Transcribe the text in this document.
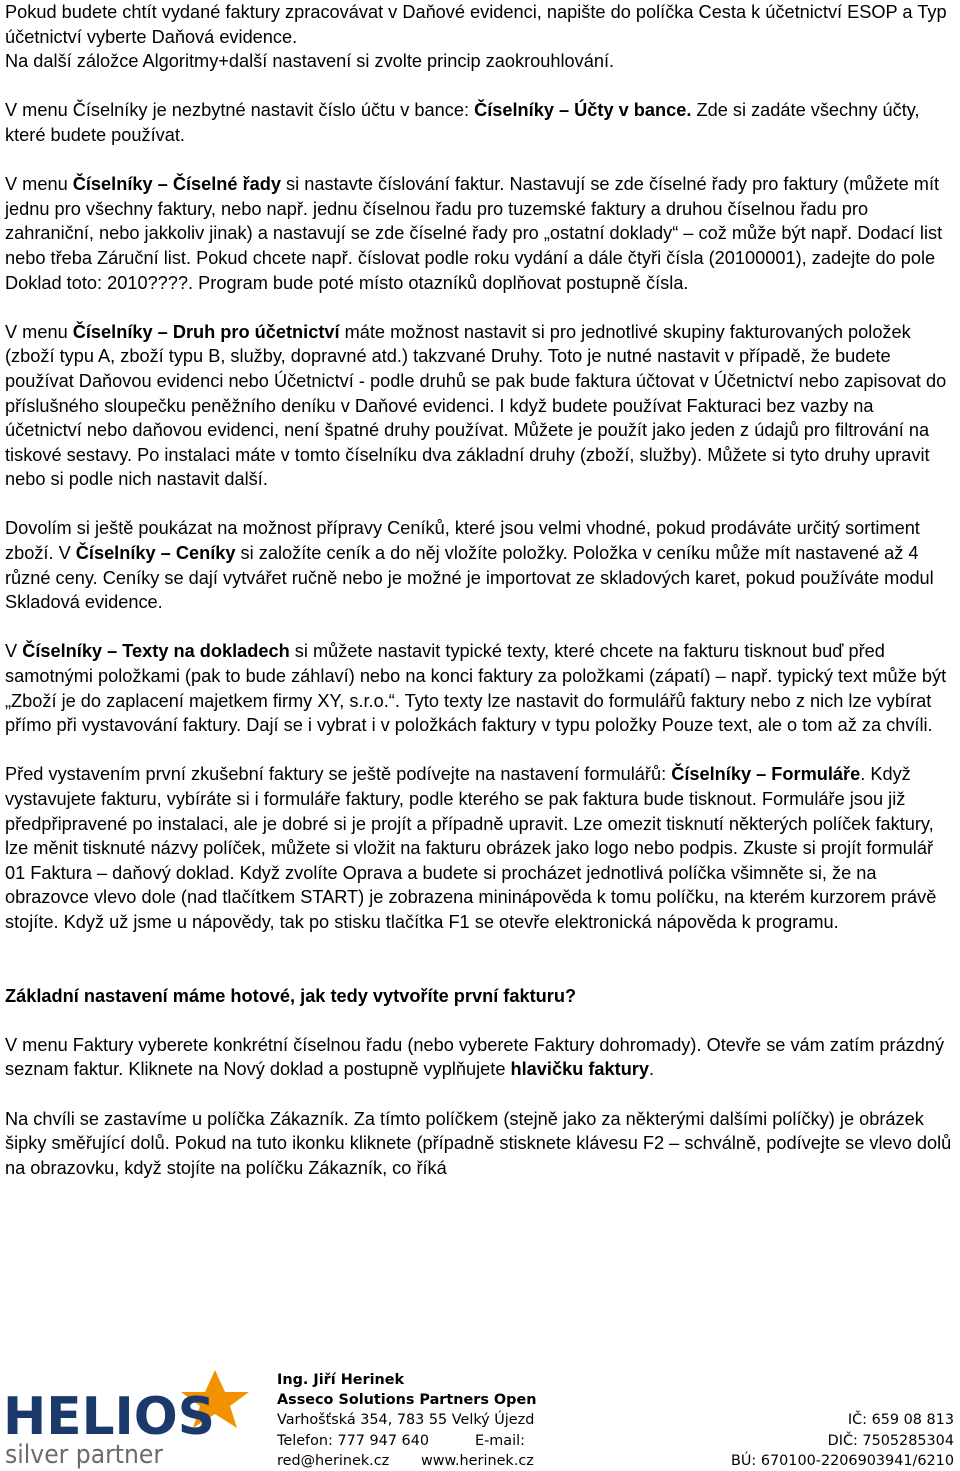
Pokud budete chtít vydané faktury zpracovávat v Daňové evidenci, napište do políčka Cesta k účetnictví ESOP a Typ účetnictví vyberte Daňová evidence.
Na další záložce Algoritmy+další nastavení si zvolte princip zaokrouhlování.

V menu Číselníky je nezbytné nastavit číslo účtu v bance: Číselníky – Účty v bance. Zde si zadáte všechny účty, které budete používat.

V menu Číselníky – Číselné řady si nastavte číslování faktur. Nastavují se zde číselné řady pro faktury (můžete mít jednu pro všechny faktury, nebo např. jednu číselnou řadu pro tuzemské faktury a druhou číselnou řadu pro zahraniční, nebo jakkoliv jinak) a nastavují se zde číselné řady pro „ostatní doklady“ – což může být např. Dodací list nebo třeba Záruční list. Pokud chcete např. číslovat podle roku vydání a dále čtyři čísla (20100001), zadejte do pole Doklad toto: 2010????. Program bude poté místo otazníků doplňovat postupně čísla.

V menu Číselníky – Druh pro účetnictví máte možnost nastavit si pro jednotlivé skupiny fakturovaných položek (zboží typu A, zboží typu B, služby, dopravné atd.) takzvané Druhy. Toto je nutné nastavit v případě, že budete používat Daňovou evidenci nebo Účetnictví - podle druhů se pak bude faktura účtovat v Účetnictví nebo zapisovat do příslušného sloupečku peněžního deníku v Daňové evidenci. I když budete používat Fakturaci bez vazby na účetnictví nebo daňovou evidenci, není špatné druhy používat. Můžete je použít jako jeden z údajů pro filtrování na tiskové sestavy. Po instalaci máte v tomto číselníku dva základní druhy (zboží, služby). Můžete si tyto druhy upravit nebo si podle nich nastavit další.

Dovolím si ještě poukázat na možnost přípravy Ceníků, které jsou velmi vhodné, pokud prodáváte určitý sortiment zboží. V Číselníky – Ceníky si založíte ceník a do něj vložíte položky. Položka v ceníku může mít nastavené až 4 různé ceny. Ceníky se dají vytvářet ručně nebo je možné je importovat ze skladových karet, pokud používáte modul Skladová evidence.

V Číselníky – Texty na dokladech si můžete nastavit typické texty, které chcete na fakturu tisknout buď před samotnými položkami (pak to bude záhlaví) nebo na konci faktury za položkami (zápatí) – např. typický text může být „Zboží je do zaplacení majetkem firmy XY, s.r.o.“. Tyto texty lze nastavit do formulářů faktury nebo z nich lze vybírat přímo při vystavování faktury. Dají se i vybrat i v položkách faktury v typu položky Pouze text, ale o tom až za chvíli.

Před vystavením první zkušební faktury se ještě podívejte na nastavení formulářů: Číselníky – Formuláře. Když vystavujete fakturu, vybíráte si i formuláře faktury, podle kterého se pak faktura bude tisknout. Formuláře jsou již předpřipravené po instalaci, ale je dobré si je projít a případně upravit. Lze omezit tisknutí některých políček faktury, lze měnit tisknuté názvy políček, můžete si vložit na fakturu obrázek jako logo nebo podpis. Zkuste si projít formulář 01 Faktura – daňový doklad. Když zvolíte Oprava a budete si procházet jednotlivá políčka všimněte si, že na obrazovce vlevo dole (nad tlačítkem START) je zobrazena mininápověda k tomu políčku, na kterém kurzorem právě stojíte. Když už jsme u nápovědy, tak po stisku tlačítka F1 se otevře elektronická nápověda k programu.

Základní nastavení máme hotové, jak tedy vytvoříte první fakturu?

V menu Faktury vyberete konkrétní číselnou řadu (nebo vyberete Faktury dohromady). Otevře se vám zatím prázdný seznam faktur. Kliknete na Nový doklad a postupně vyplňujete hlavičku faktury.

Na chvíli se zastavíme u políčka Zákazník. Za tímto políčkem (stejně jako za některými dalšími políčky) je obrázek šipky směřující dolů. Pokud na tuto ikonku kliknete (případně stisknete klávesu F2 – schválně, podívejte se vlevo dolů na obrazovku, když stojíte na políčku Zákazník, co říká

HELIOS
silver partner
Ing. Jiří Herinek
Asseco Solutions Partners Open
Varhošťská 354, 783 55 Velký Újezd	IČ: 659 08 813
Telefon: 777 947 640	E-mail:	DIČ: 7505285304
red@herinek.cz www.herinek.cz	BÚ: 670100-2206903941/6210
